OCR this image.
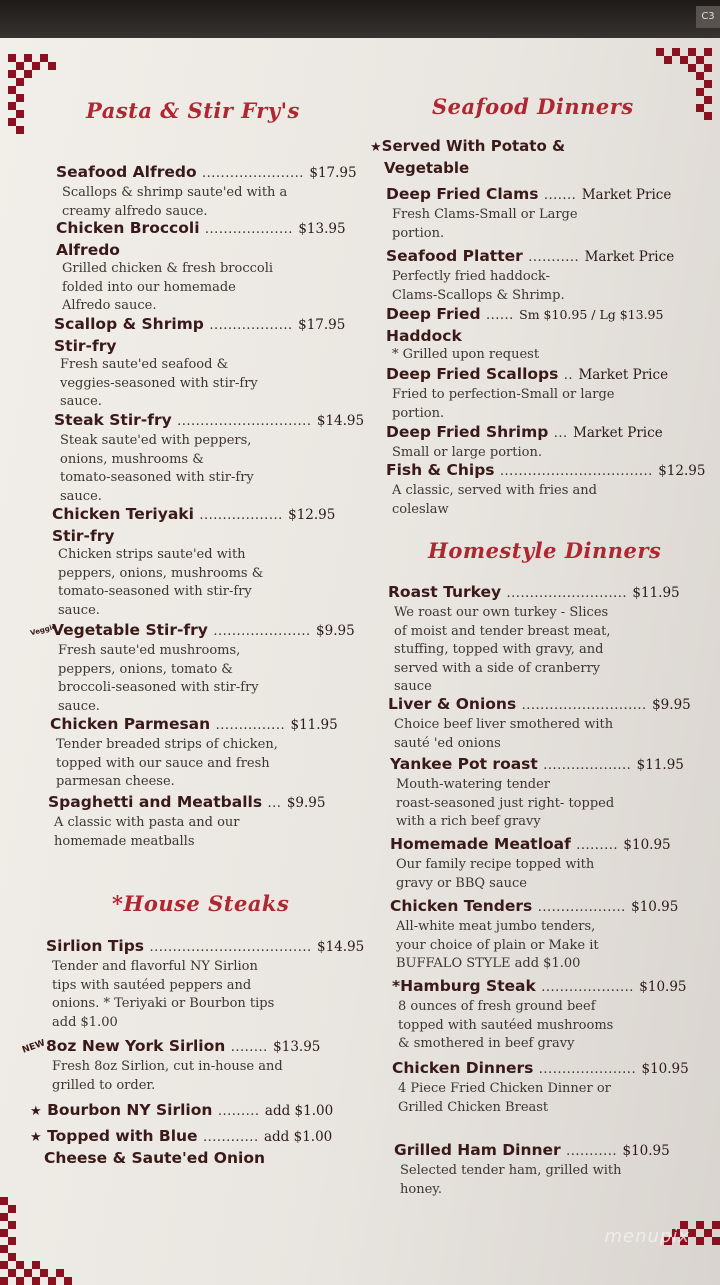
C3
Pasta & Stir Fry's
Seafood Alfredo ...................... $17.95
Scallops & shrimp saute'ed with a
creamy alfredo sauce.
Chicken Broccoli ................... $13.95
Alfredo
Grilled chicken & fresh broccoli
folded into our homemade
Alfredo sauce.
Scallop & Shrimp .................. $17.95
Stir-fry
Fresh saute'ed seafood &
veggies-seasoned with stir-fry
sauce.
Steak Stir-fry ............................. $14.95
Steak saute'ed with peppers,
onions, mushrooms &
tomato-seasoned with stir-fry
sauce.
Chicken Teriyaki .................. $12.95
Stir-fry
Chicken strips saute'ed with
peppers, onions, mushrooms &
tomato-seasoned with stir-fry
sauce.
Veggie
Vegetable Stir-fry ..................... $9.95
Fresh saute'ed mushrooms,
peppers, onions, tomato &
broccoli-seasoned with stir-fry
sauce.
Chicken Parmesan ............... $11.95
Tender breaded strips of chicken,
topped with our sauce and fresh
parmesan cheese.
Spaghetti and Meatballs ... $9.95
A classic with pasta and our
homemade meatballs
*House Steaks
Sirlion Tips ................................... $14.95
Tender and flavorful NY Sirlion
tips with sautéed peppers and
onions. * Teriyaki or Bourbon tips
add $1.00
NEW 8oz New York Sirlion ........ $13.95
Fresh 8oz Sirlion, cut in-house and
grilled to order.
★ Bourbon NY Sirlion ......... add $1.00
★ Topped with Blue ............ add $1.00
Cheese & Saute'ed Onion
Seafood Dinners
★Served With Potato &
Vegetable
Deep Fried Clams ....... Market Price
Fresh Clams-Small or Large
portion.
Seafood Platter ........... Market Price
Perfectly fried haddock-
Clams-Scallops & Shrimp.
Deep Fried ...... Sm $10.95 / Lg $13.95
Haddock
* Grilled upon request
Deep Fried Scallops .. Market Price
Fried to perfection-Small or large
portion.
Deep Fried Shrimp ... Market Price
Small or large portion.
Fish & Chips ................................. $12.95
A classic, served with fries and
coleslaw
Homestyle Dinners
Roast Turkey .......................... $11.95
We roast our own turkey - Slices
of moist and tender breast meat,
stuffing, topped with gravy, and
served with a side of cranberry
sauce
Liver & Onions ........................... $9.95
Choice beef liver smothered with
sauté 'ed onions
Yankee Pot roast ................... $11.95
Mouth-watering tender
roast-seasoned just right- topped
with a rich beef gravy
Homemade Meatloaf ......... $10.95
Our family recipe topped with
gravy or BBQ sauce
Chicken Tenders ................... $10.95
All-white meat jumbo tenders,
your choice of plain or Make it
BUFFALO STYLE add $1.00
*Hamburg Steak .................... $10.95
8 ounces of fresh ground beef
topped with sautéed mushrooms
& smothered in beef gravy
Chicken Dinners ..................... $10.95
4 Piece Fried Chicken Dinner or
Grilled Chicken Breast
Grilled Ham Dinner ........... $10.95
Selected tender ham, grilled with
honey.
menupix
